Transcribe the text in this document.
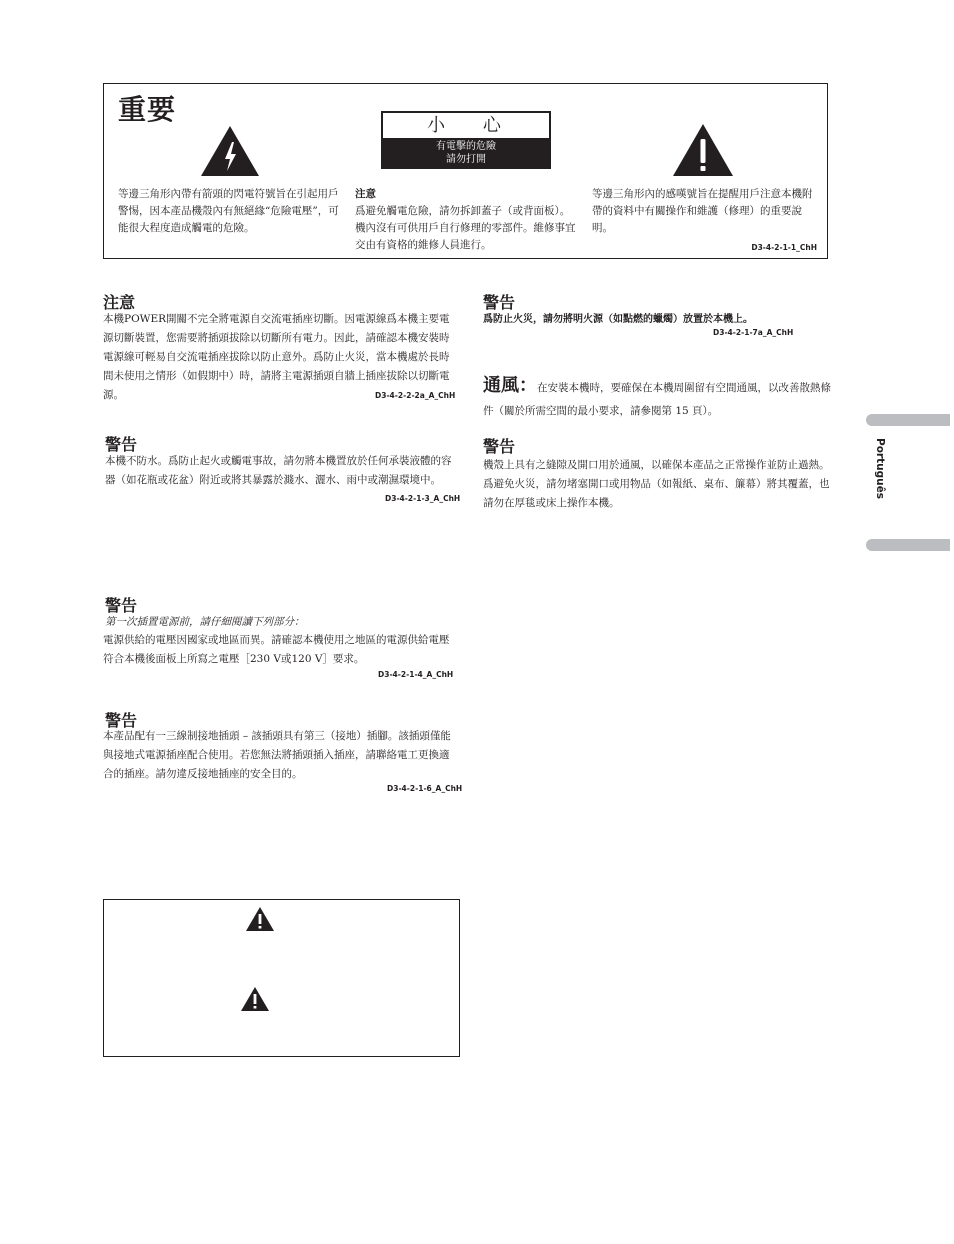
重要	小 心
有電擊的危險
請勿打開
等邊三角形內帶有箭頭的閃電符號旨在引起用戶警惕，因本產品機殼內有無絕緣“危險電壓”，可能很大程度造成觸電的危險。
注意
爲避免觸電危險，請勿拆卸蓋子（或背面板）。機內沒有可供用戶自行修理的零部件。維修事宜交由有資格的維修人員進行。
等邊三角形內的感嘆號旨在提醒用戶注意本機附帶的資料中有關操作和維護（修理）的重要說明。
D3-4-2-1-1_ChH
注意
本機POWER開關不完全將電源自交流電插座切斷。因電源線爲本機主要電源切斷裝置，您需要將插頭拔除以切斷所有電力。因此，請確認本機安裝時電源線可輕易自交流電插座拔除以防止意外。爲防止火災，當本機處於長時間未使用之情形（如假期中）時，請將主電源插頭自牆上插座拔除以切斷電源。	D3-4-2-2-2a_A_ChH
警告
本機不防水。爲防止起火或觸電事故，請勿將本機置放於任何承裝液體的容器（如花瓶或花盆）附近或將其暴露於濺水、灑水、雨中或潮濕環境中。
D3-4-2-1-3_A_ChH
警告
第一次插置電源前，請仔細閱讀下列部分：
電源供給的電壓因國家或地區而異。請確認本機使用之地區的電源供給電壓符合本機後面板上所寫之電壓［230 V或120 V］要求。
D3-4-2-1-4_A_ChH
警告
本產品配有一三線制接地插頭 – 該插頭具有第三（接地）插腳。該插頭僅能與接地式電源插座配合使用。若您無法將插頭插入插座，請聯絡電工更換適合的插座。請勿違反接地插座的安全目的。
D3-4-2-1-6_A_ChH
警告
爲防止火災，請勿將明火源（如點燃的蠟燭）放置於本機上。
D3-4-2-1-7a_A_ChH
通風：在安裝本機時，要確保在本機周圍留有空間通風，以改善散熱條件（關於所需空間的最小要求，請參閱第 15 頁）。
警告
機殼上具有之縫隙及開口用於通風，以確保本產品之正常操作並防止過熱。爲避免火災，請勿堵塞開口或用物品（如報紙、桌布、簾幕）將其覆蓋，也請勿在厚毯或床上操作本機。
Português
